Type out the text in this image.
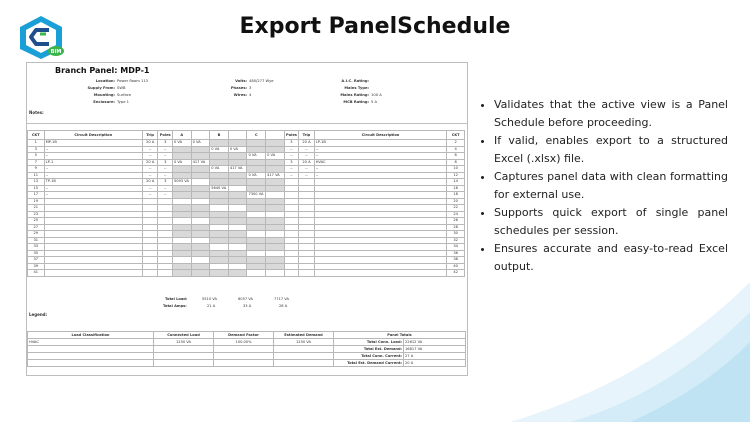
BIM
Export PanelSchedule
Branch Panel: MDP-1
Location: Power Room 113
Supply From: SWB
Mounting: Surface
Enclosure: Type 1
Volts: 480/277 Wye
Phases: 3
Wires: 4
A.I.C. Rating:
Mains Type:
Mains Rating: 100 A
MCB Rating: 5 A
Notes:
CKT	Circuit Description	Trip	Poles	A		B		C		Poles	Trip	Circuit Description	CKT
1	MP-1B	20 A	3	0 VA	0 VA					3	20 A	LP-1B	2
3	--	--	--			0 VA	0 VA			--	--	--	4
5	--	--	--					0 VA	0 VA	--	--	--	6
7	LP-1	20 A	3	0 VA	417 VA					3	20 A	HVAC	8
9	--	--	--			0 VA	417 VA			--	--	--	10
11	--	--	--					0 VA	417 VA	--	--	--	12
13	TP-1B	20 A	3	5093 VA									14
15	--	--	--			5640 VA							16
17	--	--	--					7300 VA					18
19													20
21													22
23													24
25													26
27													28
29													30
31													32
33													34
35													36
37													38
39													40
41													42
Total Load:	5510 VA	6057 VA	7717 VA
Total Amps:	21 A	33 A	28 A
Legend:
Load Classification	Connected Load	Demand Factor	Estimated Demand	Panel Totals	
HVAC	1250 VA	100.00%	1250 VA	Total Conn. Load:	22612 VA
				Total Est. Demand:	16817 VA
				Total Conn. Current:	27 A
				Total Est. Demand Current:	20 A
• Validates that the active view is a Panel Schedule before proceeding.
• If valid, enables export to a structured Excel (.xlsx) file.
• Captures panel data with clean formatting for external use.
• Supports quick export of single panel schedules per session.
• Ensures accurate and easy-to-read Excel output.
